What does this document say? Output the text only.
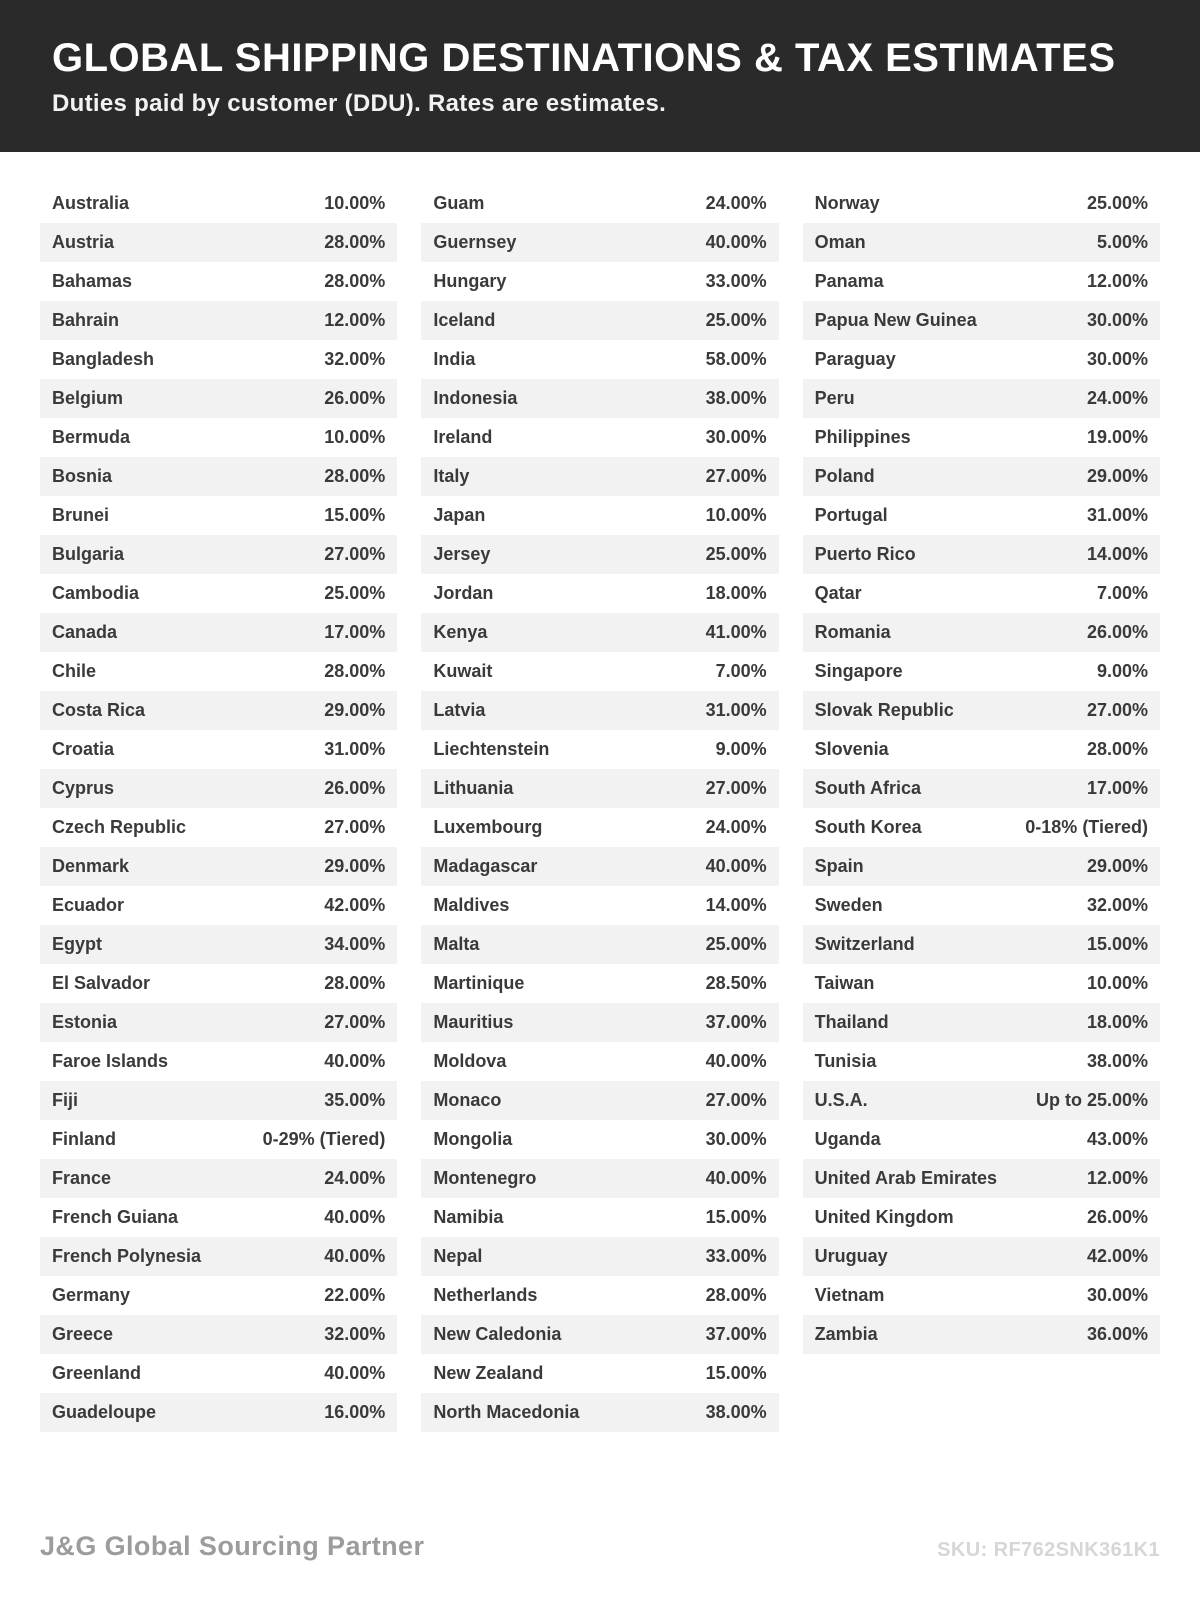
GLOBAL SHIPPING DESTINATIONS & TAX ESTIMATES

Duties paid by customer (DDU). Rates are estimates.

Australia	10.00%
Austria	28.00%
Bahamas	28.00%
Bahrain	12.00%
Bangladesh	32.00%
Belgium	26.00%
Bermuda	10.00%
Bosnia	28.00%
Brunei	15.00%
Bulgaria	27.00%
Cambodia	25.00%
Canada	17.00%
Chile	28.00%
Costa Rica	29.00%
Croatia	31.00%
Cyprus	26.00%
Czech Republic	27.00%
Denmark	29.00%
Ecuador	42.00%
Egypt	34.00%
El Salvador	28.00%
Estonia	27.00%
Faroe Islands	40.00%
Fiji	35.00%
Finland	0-29% (Tiered)
France	24.00%
French Guiana	40.00%
French Polynesia	40.00%
Germany	22.00%
Greece	32.00%
Greenland	40.00%
Guadeloupe	16.00%
Guam	24.00%
Guernsey	40.00%
Hungary	33.00%
Iceland	25.00%
India	58.00%
Indonesia	38.00%
Ireland	30.00%
Italy	27.00%
Japan	10.00%
Jersey	25.00%
Jordan	18.00%
Kenya	41.00%
Kuwait	7.00%
Latvia	31.00%
Liechtenstein	9.00%
Lithuania	27.00%
Luxembourg	24.00%
Madagascar	40.00%
Maldives	14.00%
Malta	25.00%
Martinique	28.50%
Mauritius	37.00%
Moldova	40.00%
Monaco	27.00%
Mongolia	30.00%
Montenegro	40.00%
Namibia	15.00%
Nepal	33.00%
Netherlands	28.00%
New Caledonia	37.00%
New Zealand	15.00%
North Macedonia	38.00%
Norway	25.00%
Oman	5.00%
Panama	12.00%
Papua New Guinea	30.00%
Paraguay	30.00%
Peru	24.00%
Philippines	19.00%
Poland	29.00%
Portugal	31.00%
Puerto Rico	14.00%
Qatar	7.00%
Romania	26.00%
Singapore	9.00%
Slovak Republic	27.00%
Slovenia	28.00%
South Africa	17.00%
South Korea	0-18% (Tiered)
Spain	29.00%
Sweden	32.00%
Switzerland	15.00%
Taiwan	10.00%
Thailand	18.00%
Tunisia	38.00%
U.S.A.	Up to 25.00%
Uganda	43.00%
United Arab Emirates	12.00%
United Kingdom	26.00%
Uruguay	42.00%
Vietnam	30.00%
Zambia	36.00%
J&G Global Sourcing Partner	SKU: RF762SNK361K1
